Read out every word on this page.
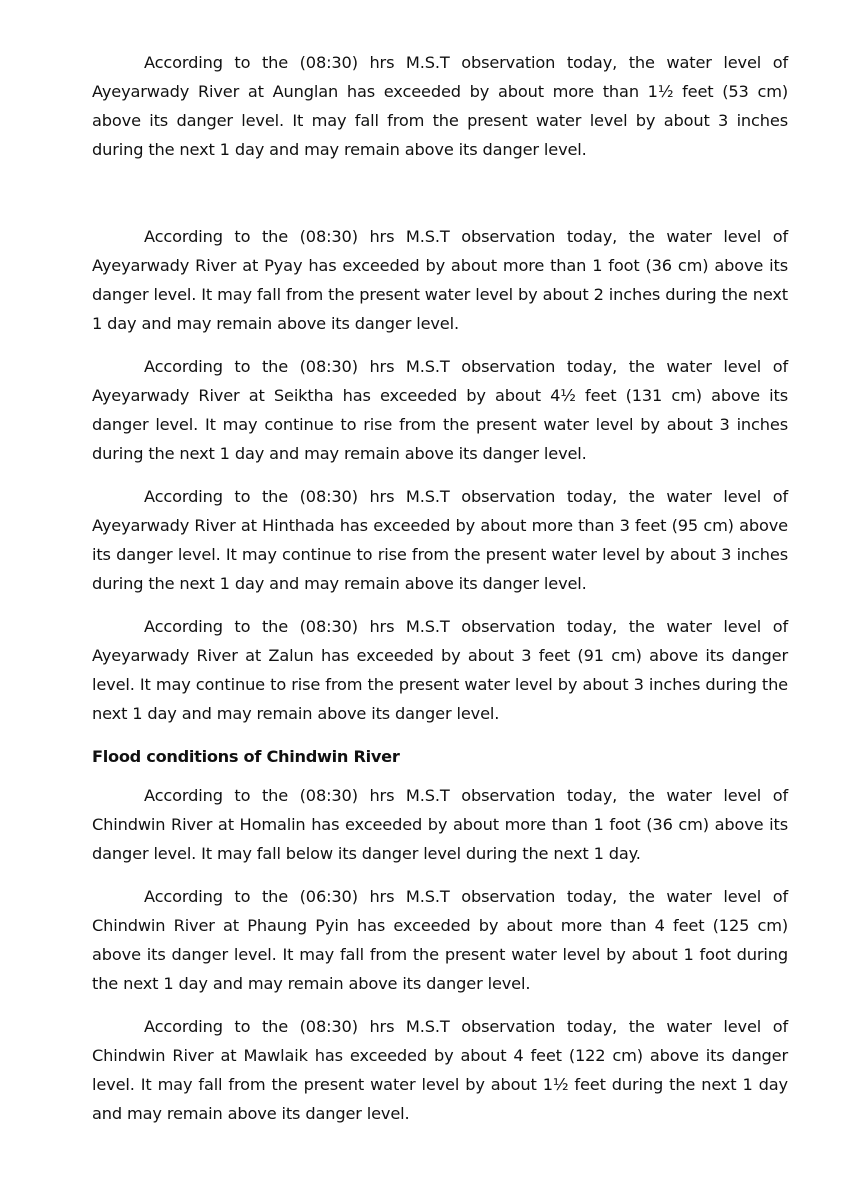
According to the (08:30) hrs M.S.T observation today, the water level of Ayeyarwady River at Aunglan has exceeded by about more than 1½ feet (53 cm) above its danger level. It may fall from the present water level by about 3 inches during the next 1 day and may remain above its danger level.

According to the (08:30) hrs M.S.T observation today, the water level of Ayeyarwady River at Pyay has exceeded by about more than 1 foot (36 cm) above its danger level. It may fall from the present water level by about 2 inches during the next 1 day and may remain above its danger level.

According to the (08:30) hrs M.S.T observation today, the water level of Ayeyarwady River at Seiktha has exceeded by about 4½ feet (131 cm) above its danger level. It may continue to rise from the present water level by about 3 inches during the next 1 day and may remain above its danger level.

According to the (08:30) hrs M.S.T observation today, the water level of Ayeyarwady River at Hinthada has exceeded by about more than 3 feet (95 cm) above its danger level. It may continue to rise from the present water level by about 3 inches during the next 1 day and may remain above its danger level.

According to the (08:30) hrs M.S.T observation today, the water level of Ayeyarwady River at Zalun has exceeded by about 3 feet (91 cm) above its danger level. It may continue to rise from the present water level by about 3 inches during the next 1 day and may remain above its danger level.

Flood conditions of Chindwin River

According to the (08:30) hrs M.S.T observation today, the water level of Chindwin River at Homalin has exceeded by about more than 1 foot (36 cm) above its danger level. It may fall below its danger level during the next 1 day.

According to the (06:30) hrs M.S.T observation today, the water level of Chindwin River at Phaung Pyin has exceeded by about more than 4 feet (125 cm) above its danger level. It may fall from the present water level by about 1 foot during the next 1 day and may remain above its danger level.

According to the (08:30) hrs M.S.T observation today, the water level of Chindwin River at Mawlaik has exceeded by about 4 feet (122 cm) above its danger level. It may fall from the present water level by about 1½ feet during the next 1 day and may remain above its danger level.
